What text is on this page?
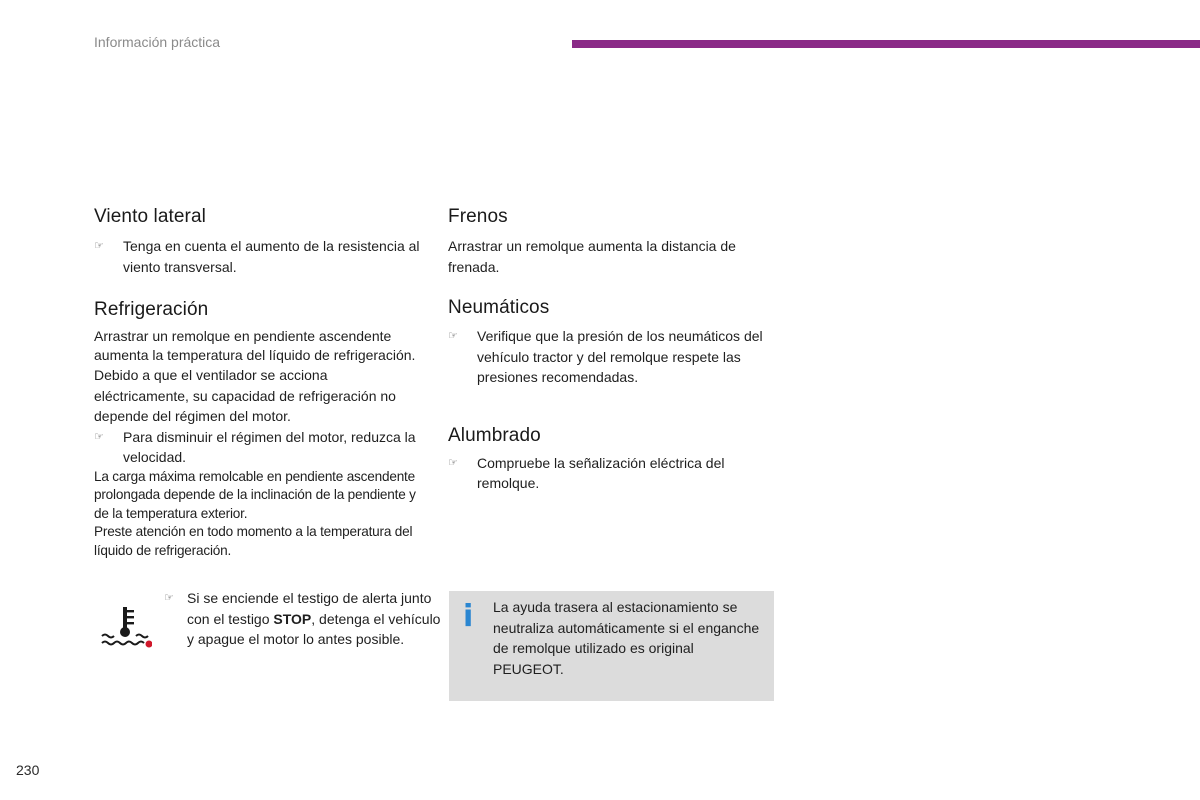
Información práctica
Viento lateral
☞ Tenga en cuenta el aumento de la resistencia al viento transversal.
Refrigeración

Arrastrar un remolque en pendiente ascendente aumenta la temperatura del líquido de refrigeración.

Debido a que el ventilador se acciona eléctricamente, su capacidad de refrigeración no depende del régimen del motor.

☞ Para disminuir el régimen del motor, reduzca la velocidad.

La carga máxima remolcable en pendiente ascendente prolongada depende de la inclinación de la pendiente y de la temperatura exterior.

Preste atención en todo momento a la temperatura del líquido de refrigeración.

☞ Si se enciende el testigo de alerta junto con el testigo STOP, detenga el vehículo y apague el motor lo antes posible.
Frenos

Arrastrar un remolque aumenta la distancia de frenada.

Neumáticos
☞ Verifique que la presión de los neumáticos del vehículo tractor y del remolque respete las presiones recomendadas.
Alumbrado
☞ Compruebe la señalización eléctrica del remolque.
i La ayuda trasera al estacionamiento se neutraliza automáticamente si el enganche de remolque utilizado es original PEUGEOT.
230
